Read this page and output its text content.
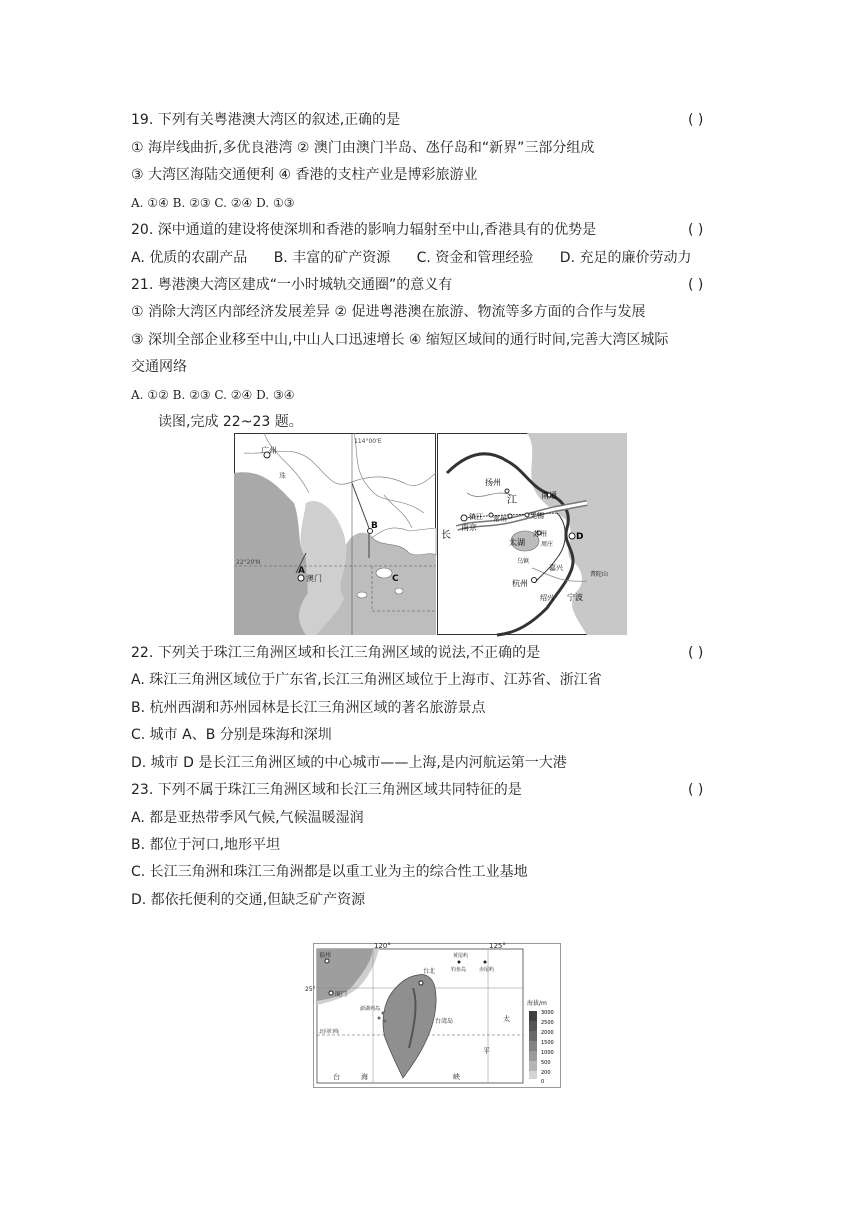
19. 下列有关粤港澳大湾区的叙述,正确的是	( )
① 海岸线曲折,多优良港湾 ② 澳门由澳门半岛、氹仔岛和“新界”三部分组成
③ 大湾区海陆交通便利 ④ 香港的支柱产业是博彩旅游业
A. ①④ B. ②③ C. ②④ D. ①③
20. 深中通道的建设将使深圳和香港的影响力辐射至中山,香港具有的优势是	( )
A. 优质的农副产品 B. 丰富的矿产资源 C. 资金和管理经验 D. 充足的廉价劳动力
21. 粤港澳大湾区建成“一小时城轨交通圈”的意义有	( )
① 消除大湾区内部经济发展差异 ② 促进粤港澳在旅游、物流等多方面的合作与发展
③ 深圳全部企业移至中山,中山人口迅速增长 ④ 缩短区域间的通行时间,完善大湾区城际
交通网络
A. ①② B. ②③ C. ②④ D. ③④
读图,完成 22~23 题。
114°00'E
22°20'N
广州
珠
澳门
A
B
C
扬州
南通
江
长
镇江
南京
常州	无锡
苏州
太湖	周庄
乌镇
嘉兴
杭州
绍兴 宁波
普陀山
D
22. 下列关于珠江三角洲区域和长江三角洲区域的说法,不正确的是	( )
A. 珠江三角洲区域位于广东省,长江三角洲区域位于上海市、江苏省、浙江省
B. 杭州西湖和苏州园林是长江三角洲区域的著名旅游景点
C. 城市 A、B 分别是珠海和深圳
D. 城市 D 是长江三角洲区域的中心城市——上海,是内河航运第一大港
23. 下列不属于珠江三角洲区域和长江三角洲区域共同特征的是	( )
A. 都是亚热带季风气候,气候温暖湿润
B. 都位于河口,地形平坦
C. 长江三角洲和珠江三角洲都是以重工业为主的综合性工业基地
D. 都依托便利的交通,但缺乏矿产资源
120°	125°
25°
福州
厦门
台北
澎湖列岛
台湾岛
钓鱼岛	赤尾屿
黄尾屿
北回归线
台	海	峡
太
平
海拔/m
3000
2500
2000
1500
1000
500
200
0
